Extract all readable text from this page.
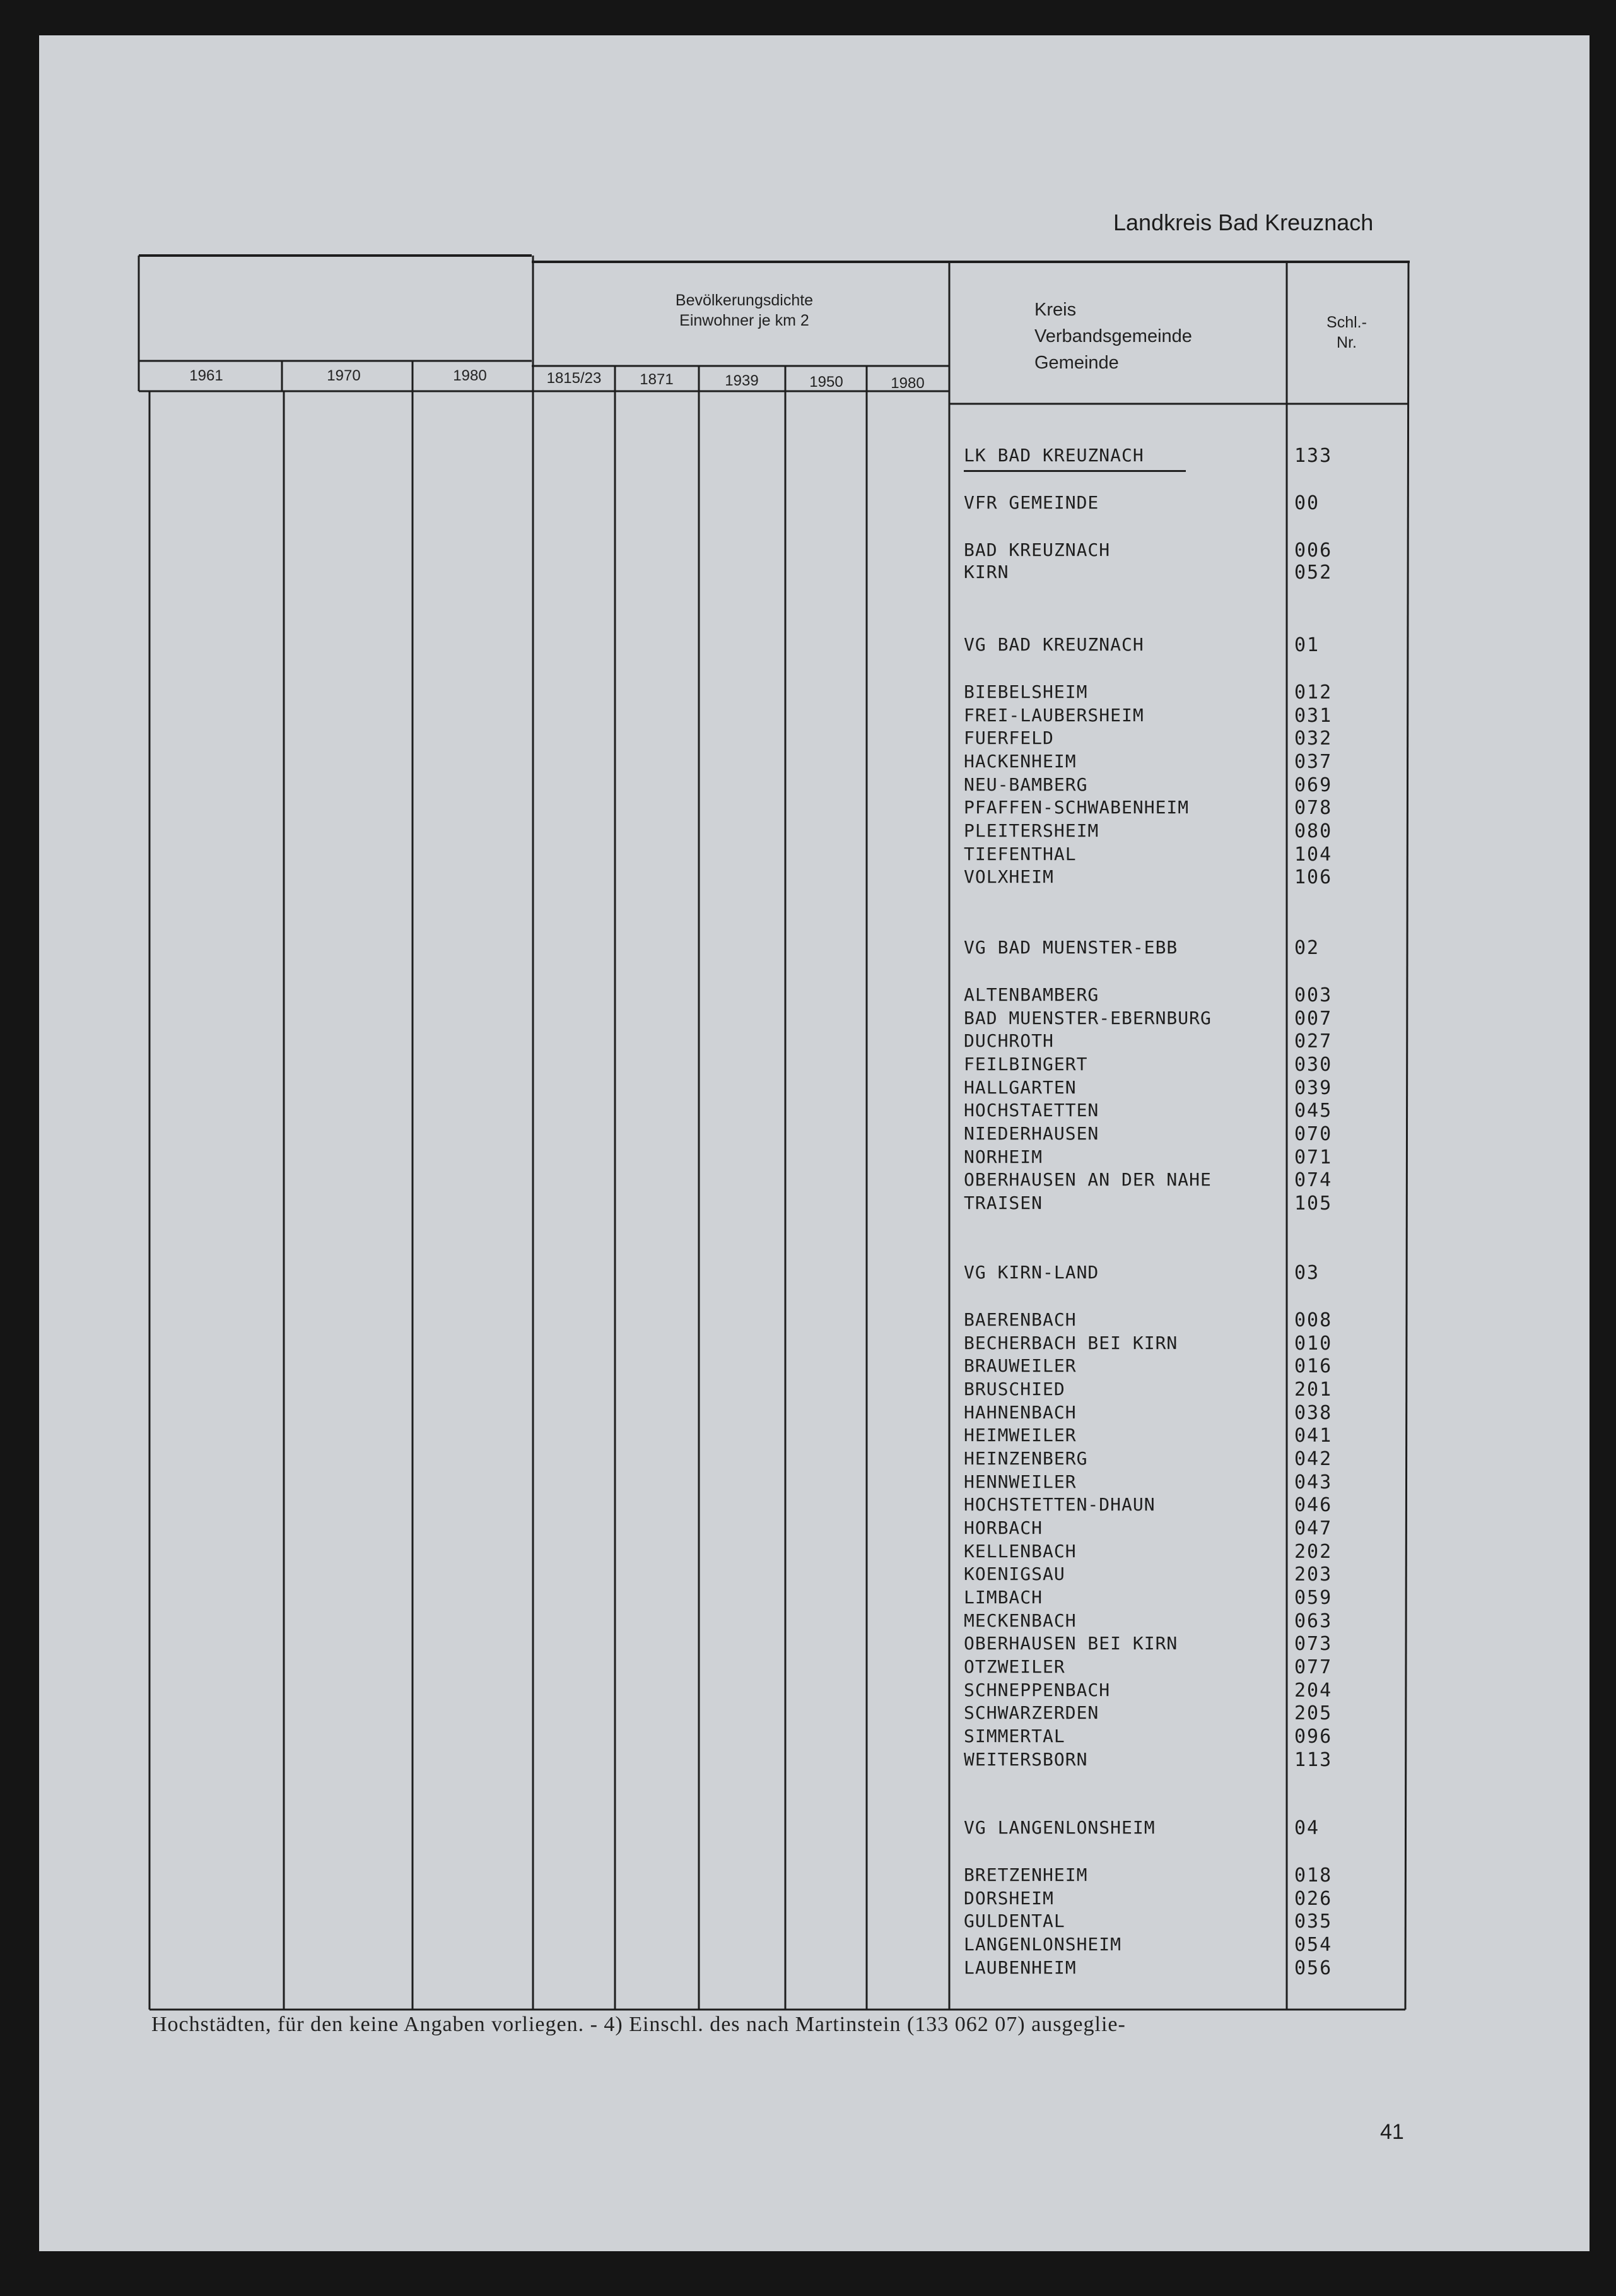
Landkreis Bad Kreuznach
Bevölkerungsdichte
Einwohner je km 2
Kreis
Verbandsgemeinde
Gemeinde
Schl.-
Nr.
1961	1970	1980	1815/23	1871	1939	1950	1980
LK BAD KREUZNACH	133
VFR GEMEINDE	00
BAD KREUZNACH	006
KIRN	052
VG BAD KREUZNACH	01
BIEBELSHEIM	012
FREI-LAUBERSHEIM	031
FUERFELD	032
HACKENHEIM	037
NEU-BAMBERG	069
PFAFFEN-SCHWABENHEIM	078
PLEITERSHEIM	080
TIEFENTHAL	104
VOLXHEIM	106
VG BAD MUENSTER-EBB	02
ALTENBAMBERG	003
BAD MUENSTER-EBERNBURG	007
DUCHROTH	027
FEILBINGERT	030
HALLGARTEN	039
HOCHSTAETTEN	045
NIEDERHAUSEN	070
NORHEIM	071
OBERHAUSEN AN DER NAHE	074
TRAISEN	105
VG KIRN-LAND	03
BAERENBACH	008
BECHERBACH BEI KIRN	010
BRAUWEILER	016
BRUSCHIED	201
HAHNENBACH	038
HEIMWEILER	041
HEINZENBERG	042
HENNWEILER	043
HOCHSTETTEN-DHAUN	046
HORBACH	047
KELLENBACH	202
KOENIGSAU	203
LIMBACH	059
MECKENBACH	063
OBERHAUSEN BEI KIRN	073
OTZWEILER	077
SCHNEPPENBACH	204
SCHWARZERDEN	205
SIMMERTAL	096
WEITERSBORN	113
VG LANGENLONSHEIM	04
BRETZENHEIM	018
DORSHEIM	026
GULDENTAL	035
LANGENLONSHEIM	054
LAUBENHEIM	056
Hochstädten, für den keine Angaben vorliegen. - 4) Einschl. des nach Martinstein (133 062 07) ausgeglie-
41
